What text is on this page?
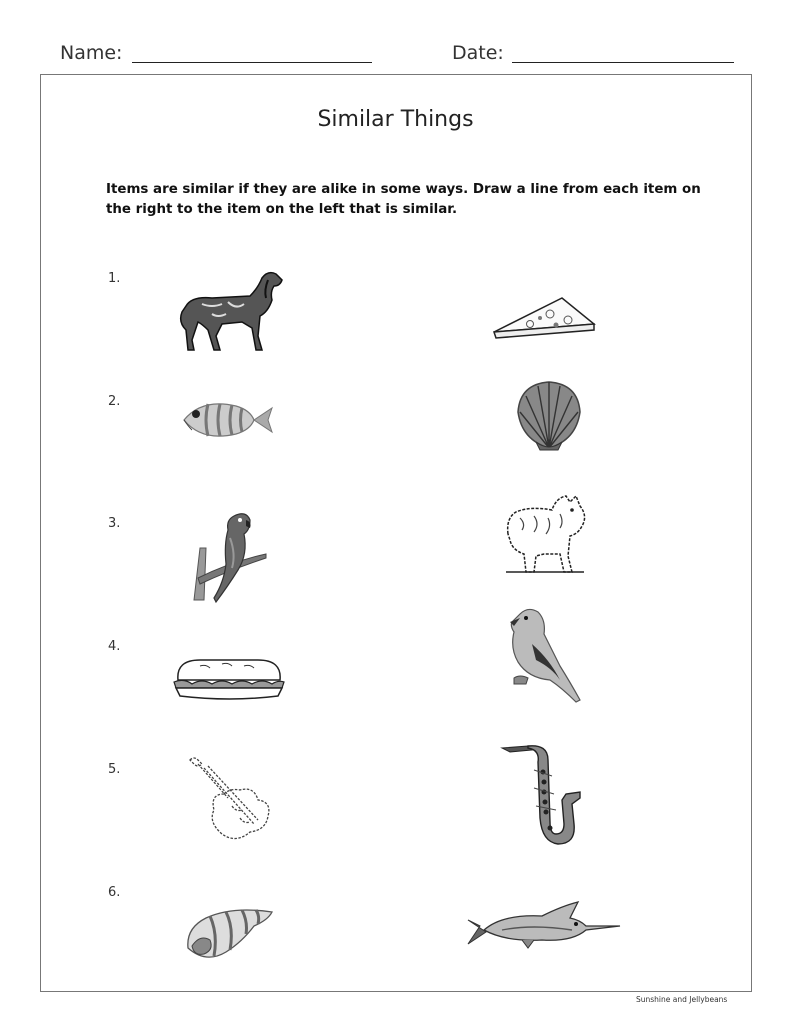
Name:	Date:
Similar Things
Items are similar if they are alike in some ways. Draw a line from each item on the right to the item on the left that is similar.
1.
2.
3.
4.
5.
6.
Sunshine and Jellybeans
